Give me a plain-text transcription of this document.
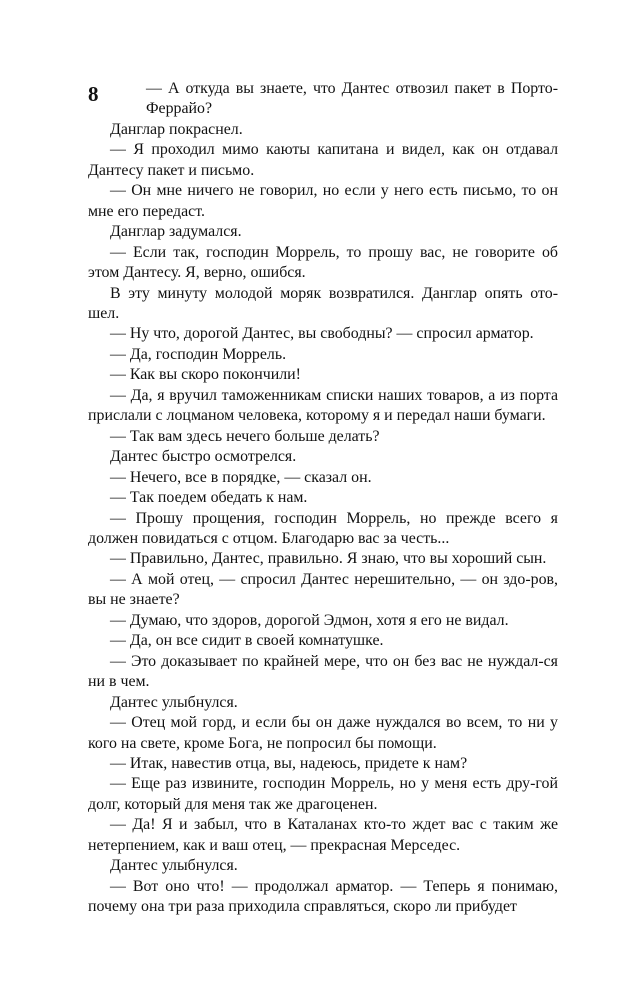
8	— А откуда вы знаете, что Дантес отвозил пакет в Порто-Феррайо?

Данглар покраснел.

— Я проходил мимо каюты капитана и видел, как он отдавал Дантесу пакет и письмо.

— Он мне ничего не говорил, но если у него есть письмо, то он мне его передаст.

Данглар задумался.

— Если так, господин Моррель, то прошу вас, не говорите об этом Дантесу. Я, верно, ошибся.

В эту минуту молодой моряк возвратился. Данглар опять ото-шел.

— Ну что, дорогой Дантес, вы свободны? — спросил арматор.

— Да, господин Моррель.

— Как вы скоро покончили!

— Да, я вручил таможенникам списки наших товаров, а из порта прислали с лоцманом человека, которому я и передал наши бумаги.

— Так вам здесь нечего больше делать?

Дантес быстро осмотрелся.

— Нечего, все в порядке, — сказал он.

— Так поедем обедать к нам.

— Прошу прощения, господин Моррель, но прежде всего я должен повидаться с отцом. Благодарю вас за честь...

— Правильно, Дантес, правильно. Я знаю, что вы хороший сын.

— А мой отец, — спросил Дантес нерешительно, — он здо-ров, вы не знаете?

— Думаю, что здоров, дорогой Эдмон, хотя я его не видал.

— Да, он все сидит в своей комнатушке.

— Это доказывает по крайней мере, что он без вас не нуждал-ся ни в чем.

Дантес улыбнулся.

— Отец мой горд, и если бы он даже нуждался во всем, то ни у кого на свете, кроме Бога, не попросил бы помощи.

— Итак, навестив отца, вы, надеюсь, придете к нам?

— Еще раз извините, господин Моррель, но у меня есть дру-гой долг, который для меня так же драгоценен.

— Да! Я и забыл, что в Каталанах кто-то ждет вас с таким же нетерпением, как и ваш отец, — прекрасная Мерседес.

Дантес улыбнулся.

— Вот оно что! — продолжал арматор. — Теперь я понимаю, почему она три раза приходила справляться, скоро ли прибудет
